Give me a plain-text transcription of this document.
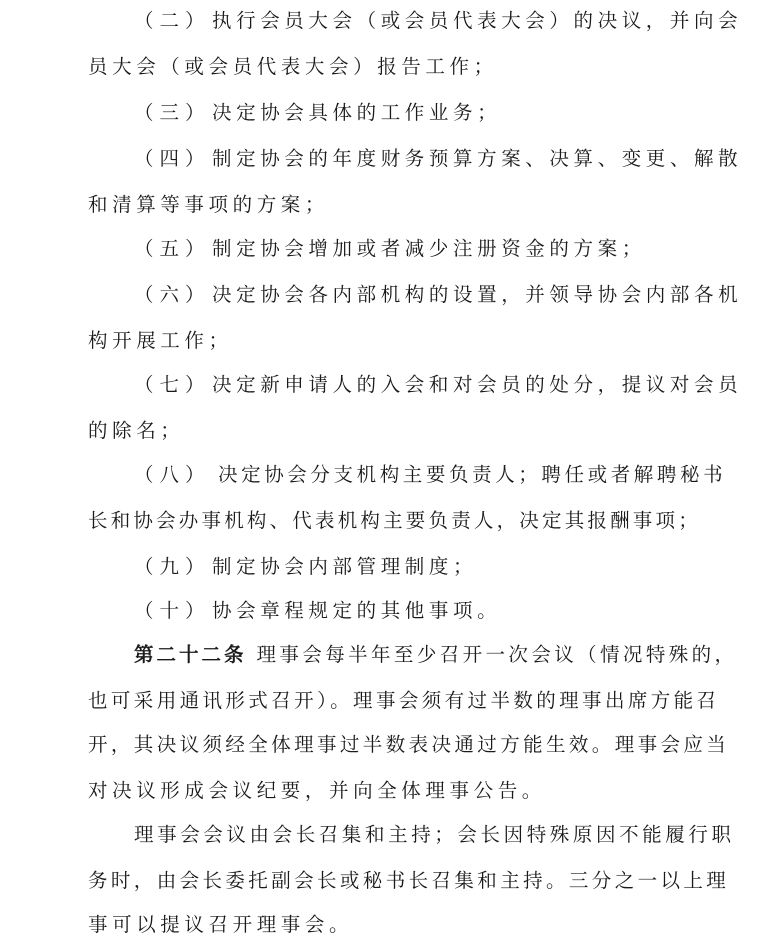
（二）执行会员大会（或会员代表大会）的决议，并向会
员大会（或会员代表大会）报告工作；
（三）决定协会具体的工作业务；
（四）制定协会的年度财务预算方案、决算、变更、解散
和清算等事项的方案；
（五）制定协会增加或者减少注册资金的方案；
（六）决定协会各内部机构的设置，并领导协会内部各机
构开展工作；
（七）决定新申请人的入会和对会员的处分，提议对会员
的除名；
（八） 决定协会分支机构主要负责人；聘任或者解聘秘书
长和协会办事机构、代表机构主要负责人，决定其报酬事项；
（九）制定协会内部管理制度；
（十）协会章程规定的其他事项。
第二十二条 理事会每半年至少召开一次会议（情况特殊的，
也可采用通讯形式召开）。理事会须有过半数的理事出席方能召
开，其决议须经全体理事过半数表决通过方能生效。理事会应当
对决议形成会议纪要，并向全体理事公告。
理事会会议由会长召集和主持；会长因特殊原因不能履行职
务时，由会长委托副会长或秘书长召集和主持。三分之一以上理
事可以提议召开理事会。
